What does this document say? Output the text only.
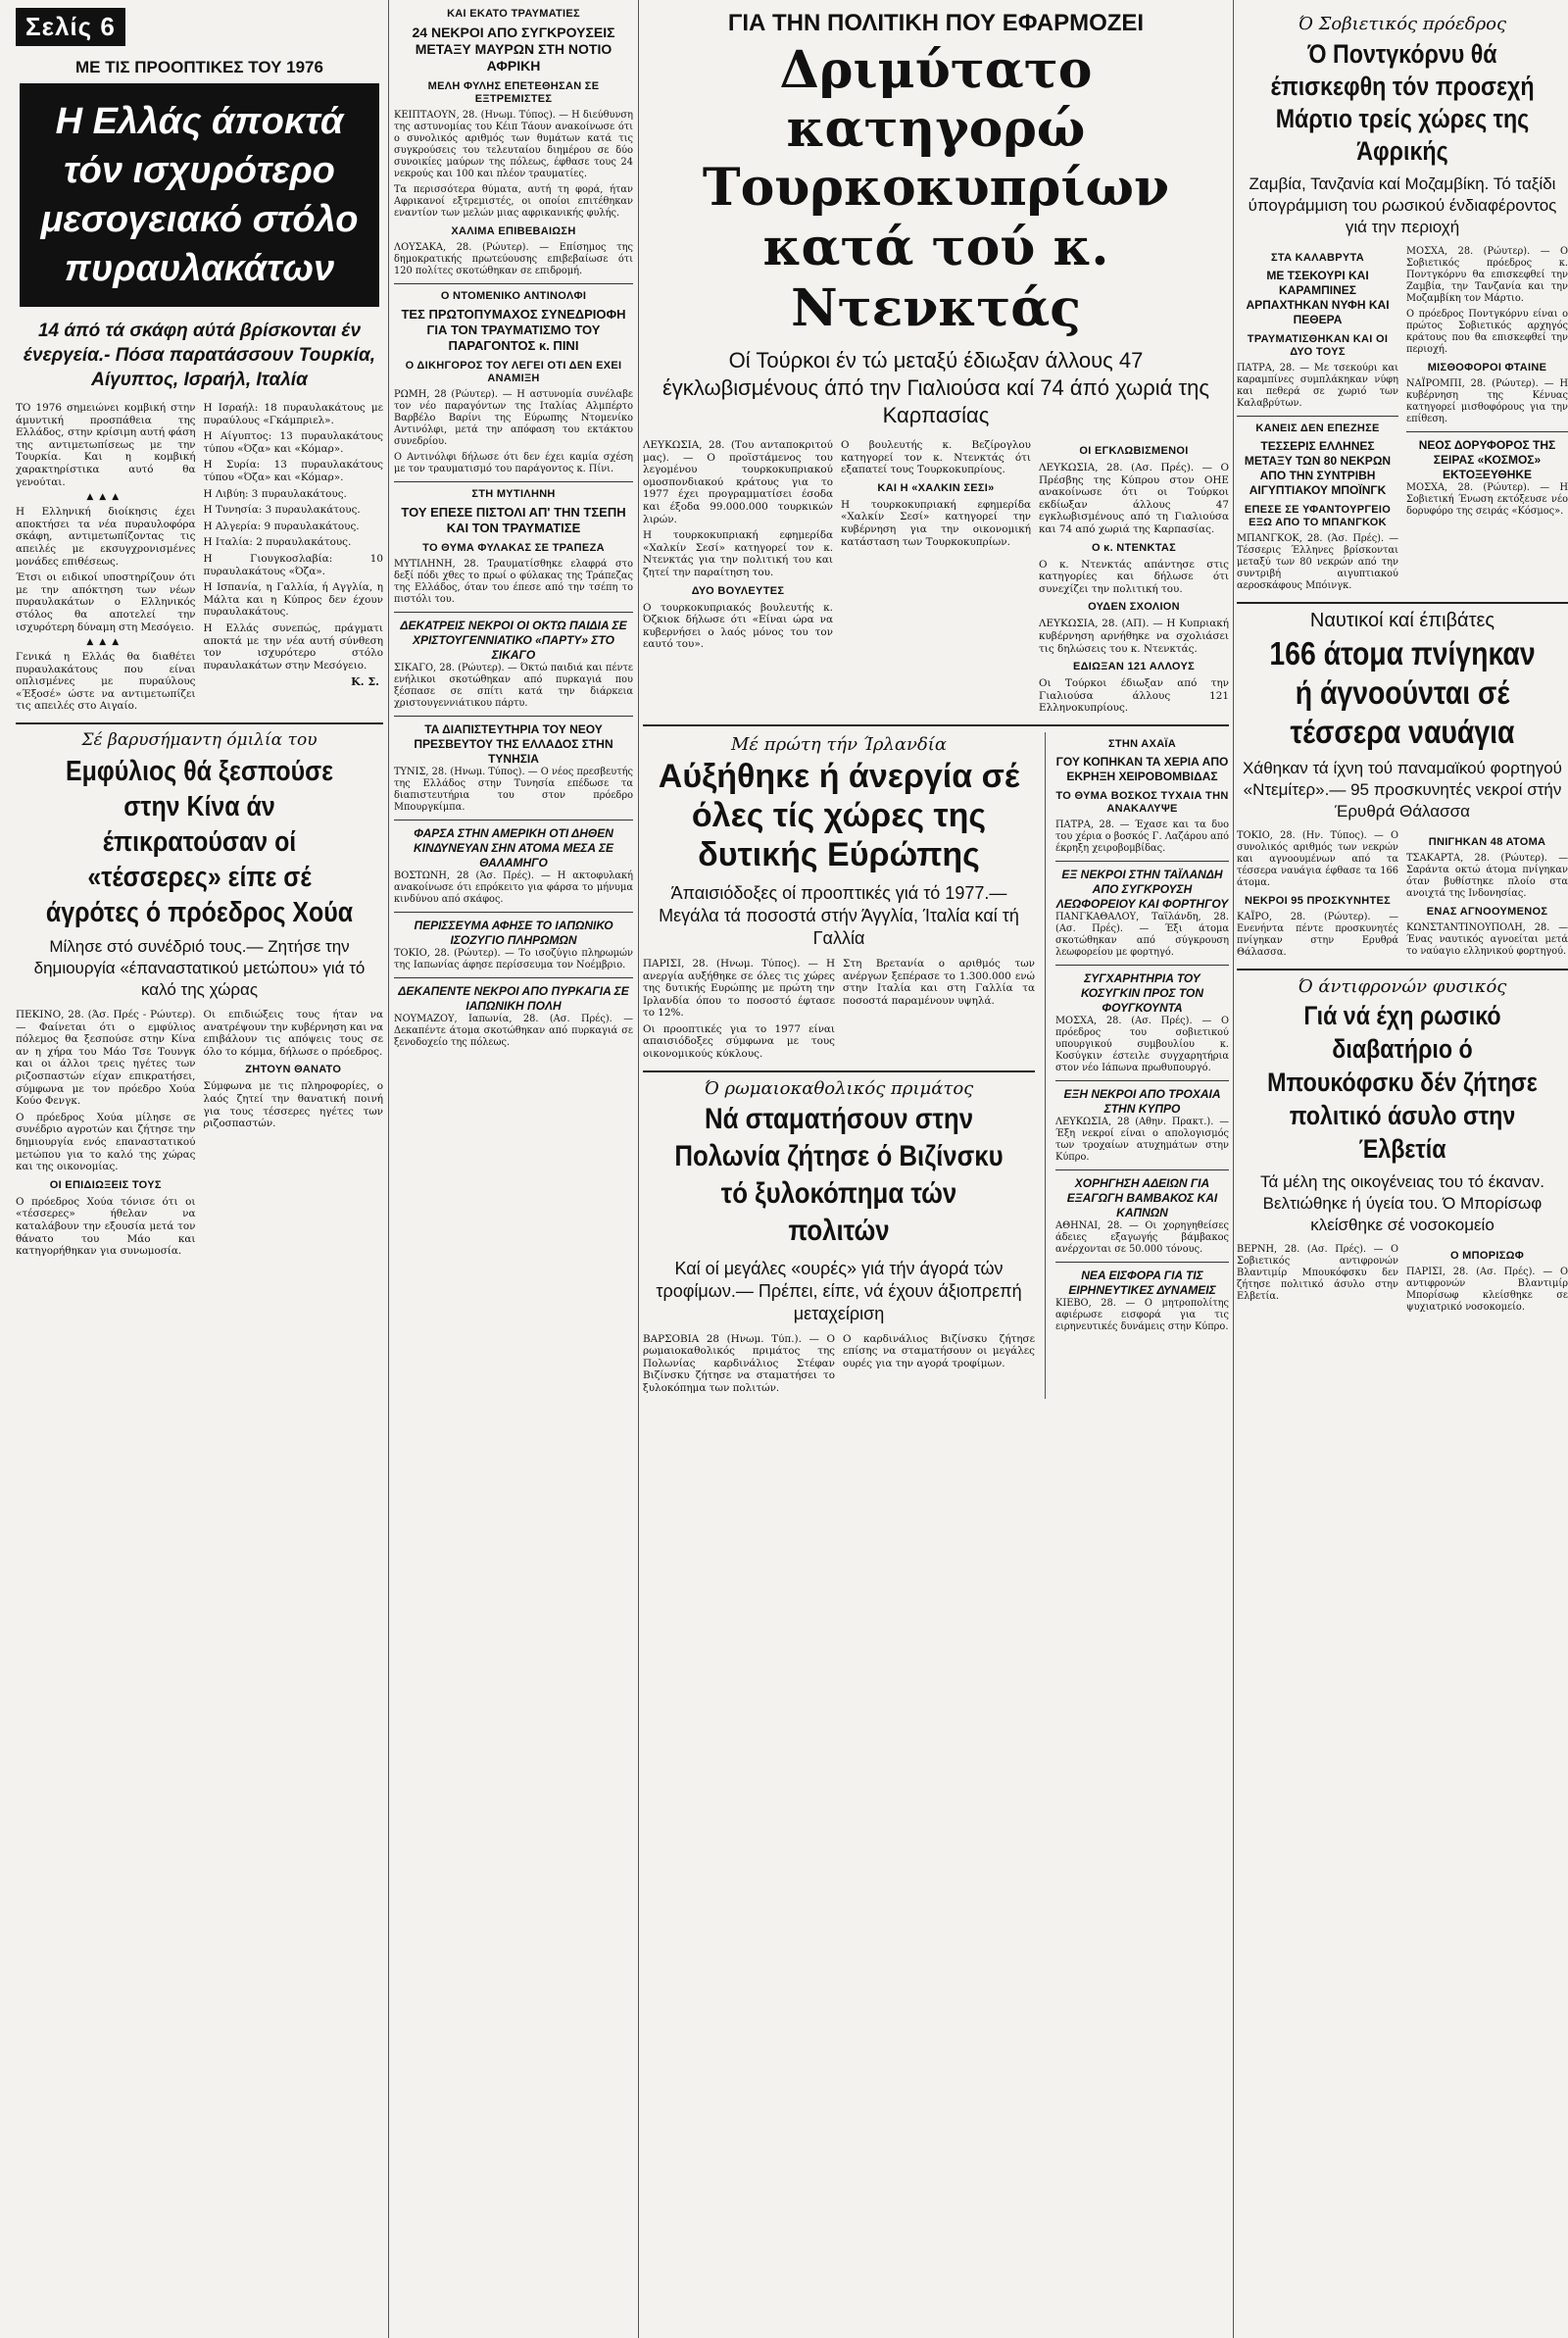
Σελίς 6
ΜΕ ΤΙΣ ΠΡΟΟΠΤΙΚΕΣ ΤΟΥ 1976
Η Ελλάς άποκτά τόν ισχυρότερο μεσογειακό στόλο πυραυλακάτων
14 άπό τά σκάφη αύτά βρίσκονται έν ένεργεία.- Πόσα παρατάσσουν Τουρκία, Αίγυπτος, Ισραήλ, Ιταλία

ΤΟ 1976 σημειώνει κομβική στην άμυντική προσπάθεια της Ελλάδος, στην κρίσιμη αυτή φάση της αντιμετωπίσεως με την Τουρκία. Και η κομβική χαρακτηρίστικα αυτό θα γενούται.

▲▲▲

Η Ελληνική διοίκησις έχει αποκτήσει τα νέα πυραυλοφόρα σκάφη, αντιμετωπίζοντας τις απειλές με εκσυγχρονισμένες μονάδες επιθέσεως.

Έτσι οι ειδικοί υποστηρίζουν ότι με την απόκτηση των νέων πυραυλακάτων ο Ελληνικός στόλος θα αποτελεί την ισχυρότερη δύναμη στη Μεσόγειο.

▲▲▲

Γενικά η Ελλάς θα διαθέτει πυραυλακάτους που είναι οπλισμένες με πυραύλους «Έξοσέ» ώστε να αντιμετωπίζει τις απειλές στο Αιγαίο.

Η Ισραήλ: 18 πυραυλακάτους με πυραύλους «Γκάμπριελ».

Η Αίγυπτος: 13 πυραυλακάτους τύπου «Όζα» και «Κόμαρ».

Η Συρία: 13 πυραυλακάτους τύπου «Όζα» και «Κόμαρ».

Η Λιβύη: 3 πυραυλακάτους.

Η Τυνησία: 3 πυραυλακάτους.

Η Αλγερία: 9 πυραυλακάτους.

Η Ιταλία: 2 πυραυλακάτους.

Η Γιουγκοσλαβία: 10 πυραυλακάτους «Όζα».

Η Ισπανία, η Γαλλία, ή Αγγλία, η Μάλτα και η Κύπρος δεν έχουν πυραυλακάτους.

Η Ελλάς συνεπώς, πράγματι αποκτά με την νέα αυτή σύνθεση τον ισχυρότερο στόλο πυραυλακάτων στην Μεσόγειο.

Κ. Σ.
Σέ βαρυσήμαντη όμιλία του
Εμφύλιος θά ξεσπούσε στην Κίνα άν έπικρατούσαν οί «τέσσερες» είπε σέ άγρότες ό πρόεδρος Χούα
Μίλησε στό συνέδριό τους.— Ζητήσε την δημιουργία «έπαναστατικού μετώπου» γιά τό καλό της χώρας

ΠΕΚΙΝΟ, 28. (Άσ. Πρές - Ρώυτερ). — Φαίνεται ότι ο εμφύλιος πόλεμος θα ξεσπούσε στην Κίνα αν η χήρα του Μάο Τσε Τουνγκ και οι άλλοι τρεις ηγέτες των ριζοσπαστών είχαν επικρατήσει, σύμφωνα με τον πρόεδρο Χούα Κούο Φενγκ.

Ο πρόεδρος Χούα μίλησε σε συνέδριο αγροτών και ζήτησε την δημιουργία ενός επαναστατικού μετώπου για το καλό της χώρας και της οικονομίας.

ΟΙ ΕΠΙΔΙΩΞΕΙΣ ΤΟΥΣ

Ο πρόεδρος Χούα τόνισε ότι οι «τέσσερες» ήθελαν να καταλάβουν την εξουσία μετά τον θάνατο του Μάο και κατηγορήθηκαν για συνωμοσία.

Οι επιδιώξεις τους ήταν να ανατρέψουν την κυβέρνηση και να επιβάλουν τις απόψεις τους σε όλο το κόμμα, δήλωσε ο πρόεδρος.

ΖΗΤΟΥΝ ΘΑΝΑΤΟ

Σύμφωνα με τις πληροφορίες, ο λαός ζητεί την θανατική ποινή για τους τέσσερες ηγέτες των ριζοσπαστών.

ΚΑΙ ΕΚΑΤΟ ΤΡΑΥΜΑΤΙΕΣ
24 ΝΕΚΡΟΙ ΑΠΟ ΣΥΓΚΡΟΥΣΕΙΣ ΜΕΤΑΞΥ ΜΑΥΡΩΝ ΣΤΗ ΝΟΤΙΟ ΑΦΡΙΚΗ
ΜΕΛΗ ΦΥΛΗΣ ΕΠΕΤΕΘΗΣΑΝ ΣΕ ΕΞΤΡΕΜΙΣΤΕΣ

ΚΕΙΠΤΑΟΥΝ, 28. (Ηνωμ. Τύπος). — Η διεύθυνση της αστυνομίας του Κέιπ Τάουν ανακοίνωσε ότι ο συνολικός αριθμός των θυμάτων κατά τις συγκρούσεις του τελευταίου διημέρου σε δύο συνοικίες μαύρων της πόλεως, έφθασε τους 24 νεκρούς και 100 και πλέον τραυματίες.

Τα περισσότερα θύματα, αυτή τη φορά, ήταν Αφρικανοί εξτρεμιστές, οι οποίοι επιτέθηκαν εναντίον των μελών μιας αφρικανικής φυλής.

ΧΑΛΙΜΑ ΕΠΙΒΕΒΑΙΩΣΗ

ΛΟΥΣΑΚΑ, 28. (Ρώυτερ). — Επίσημος της δημοκρατικής πρωτεύουσης επιβεβαίωσε ότι 120 πολίτες σκοτώθηκαν σε επιδρομή.

Ο ΝΤΟΜΕΝΙΚΟ ΑΝΤΙΝΟΛΦΙ
ΤΕΣ ΠΡΩΤΟΠΥΜΑΧΟΣ ΣΥΝΕΔΡΙΟΦΗ ΓΙΑ ΤΟΝ ΤΡΑΥΜΑΤΙΣΜΟ ΤΟΥ ΠΑΡΑΓΟΝΤΟΣ κ. ΠΙΝΙ
Ο ΔΙΚΗΓΟΡΟΣ ΤΟΥ ΛΕΓΕΙ ΟΤΙ ΔΕΝ ΕΧΕΙ ΑΝΑΜΙΞΗ

ΡΩΜΗ, 28 (Ρώυτερ). — Η αστυνομία συνέλαβε τον νέο παραγόντων της Ιταλίας Αλμπέρτο Βαρβέλο Βαρίνι της Εύρωπης Ντομενίκο Αντινόλφι, μετά την απόφαση του εκτάκτου συνεδρίου.

Ο Αντινόλφι δήλωσε ότι δεν έχει καμία σχέση με τον τραυματισμό του παράγοντος κ. Πίνι.

ΣΤΗ ΜΥΤΙΛΗΝΗ
ΤΟΥ ΕΠΕΣΕ ΠΙΣΤΟΛΙ ΑΠ' ΤΗΝ ΤΣΕΠΗ ΚΑΙ ΤΟΝ ΤΡΑΥΜΑΤΙΣΕ
ΤΟ ΘΥΜΑ ΦΥΛΑΚΑΣ ΣΕ ΤΡΑΠΕΖΑ

ΜΥΤΙΛΗΝΗ, 28. Τραυματίσθηκε ελαφρά στο δεξί πόδι χθες το πρωί ο φύλακας της Τράπεζας της Ελλάδος, όταν του έπεσε από την τσέπη το πιστόλι του.

ΔΕΚΑΤΡΕΙΣ ΝΕΚΡΟΙ ΟΙ ΟΚΤΩ ΠΑΙΔΙΑ ΣΕ ΧΡΙΣΤΟΥΓΕΝΝΙΑΤΙΚΟ «ΠΑΡΤΥ» ΣΤΟ ΣΙΚΑΓΟ

ΣΙΚΑΓΟ, 28. (Ρώυτερ). — Όκτώ παιδιά και πέντε ενήλικοι σκοτώθηκαν από πυρκαγιά που ξέσπασε σε σπίτι κατά την διάρκεια χριστουγεννιάτικου πάρτυ.

ΤΑ ΔΙΑΠΙΣΤΕΥΤΗΡΙΑ ΤΟΥ ΝΕΟΥ ΠΡΕΣΒΕΥΤΟΥ ΤΗΣ ΕΛΛΑΔΟΣ ΣΤΗΝ ΤΥΝΗΣΙΑ

ΤΥΝΙΣ, 28. (Ηνωμ. Τύπος). — Ο νέος πρεσβευτής της Ελλάδος στην Τυνησία επέδωσε τα διαπιστευτήρια του στον πρόεδρο Μπουργκίμπα.

ΦΑΡΣΑ ΣΤΗΝ ΑΜΕΡΙΚΗ ΟΤΙ ΔΗΘΕΝ ΚΙΝΔΥΝΕΥΑΝ ΣΗΝ ΑΤΟΜΑ ΜΕΣΑ ΣΕ ΘΑΛΑΜΗΓΟ

ΒΟΣΤΩΝΗ, 28 (Άσ. Πρές). — Η ακτοφυλακή ανακοίνωσε ότι επρόκειτο για φάρσα το μήνυμα κινδύνου από σκάφος.

ΠΕΡΙΣΣΕΥΜΑ ΑΦΗΣΕ ΤΟ ΙΑΠΩΝΙΚΟ ΙΣΟΖΥΓΙΟ ΠΛΗΡΩΜΩΝ

ΤΟΚΙΟ, 28. (Ρώυτερ). — Το ισοζύγιο πληρωμών της Ιαπωνίας άφησε περίσσευμα τον Νοέμβριο.

ΔΕΚΑΠΕΝΤΕ ΝΕΚΡΟΙ ΑΠΟ ΠΥΡΚΑΓΙΑ ΣΕ ΙΑΠΩΝΙΚΗ ΠΟΛΗ

ΝΟΥΜΑΖΟΥ, Ιαπωνία, 28. (Ασ. Πρές). — Δεκαπέντε άτομα σκοτώθηκαν από πυρκαγιά σε ξενοδοχείο της πόλεως.

ΓΙΑ ΤΗΝ ΠΟΛΙΤΙΚΗ ΠΟΥ ΕΦΑΡΜΟΖΕΙ
Δριμύτατο κατηγορώ
Τουρκοκυπρίων
κατά τού κ. Ντενκτάς
Οί Τούρκοι έν τώ μεταξύ έδιωξαν άλλους 47 έγκλωβισμένους άπό την Γιαλιούσα καί 74 άπό χωριά της Καρπασίας

ΛΕΥΚΩΣΙΑ, 28. (Του ανταποκριτού μας). — Ο προϊστάμενος του λεγομένου τουρκοκυπριακού ομοσπονδιακού κράτους για το 1977 έχει προγραμματίσει έσοδα και έξοδα 99.000.000 τουρκικών λιρών.

Η τουρκοκυπριακή εφημερίδα «Χαλκίν Σεσί» κατηγορεί τον κ. Ντενκτάς για την πολιτική του και ζητεί την παραίτηση του.

ΔΥΟ ΒΟΥΛΕΥΤΕΣ

Ο τουρκοκυπριακός βουλευτής κ. Όζκιοκ δήλωσε ότι «Είναι ώρα να κυβερνήσει ο λαός μόνος του τον εαυτό του».

Ο βουλευτής κ. Βεζίρογλου κατηγορεί τον κ. Ντενκτάς ότι εξαπατεί τους Τουρκοκυπρίους.

ΚΑΙ Η «ΧΑΛΚΙΝ ΣΕΣΙ»

Η τουρκοκυπριακή εφημερίδα «Χαλκίν Σεσί» κατηγορεί την κυβέρνηση για την οικονομική κατάσταση των Τουρκοκυπρίων.

ΟΙ ΕΓΚΛΩΒΙΣΜΕΝΟΙ

ΛΕΥΚΩΣΙΑ, 28. (Ασ. Πρές). — Ο Πρέσβης της Κύπρου στον ΟΗΕ ανακοίνωσε ότι οι Τούρκοι εκδίωξαν άλλους 47 εγκλωβισμένους από τη Γιαλιούσα και 74 από χωριά της Καρπασίας.

Ο κ. ΝΤΕΝΚΤΑΣ

Ο κ. Ντενκτάς απάντησε στις κατηγορίες και δήλωσε ότι συνεχίζει την πολιτική του.

ΟΥΔΕΝ ΣΧΟΛΙΟΝ

ΛΕΥΚΩΣΙΑ, 28. (ΑΠ). — Η Κυπριακή κυβέρνηση αρνήθηκε να σχολιάσει τις δηλώσεις του κ. Ντενκτάς.

ΕΔΙΩΞΑΝ 121 ΑΛΛΟΥΣ

Οι Τούρκοι έδιωξαν από την Γιαλιούσα άλλους 121 Ελληνοκυπρίους.

Μέ πρώτη τήν Ίρλανδία
Αύξήθηκε ή άνεργία σέ όλες τίς χώρες της δυτικής Εύρώπης
Άπαισιόδοξες οί προοπτικές γιά τό 1977.— Μεγάλα τά ποσοστά στήν Άγγλία, Ίταλία καί τή Γαλλία

ΠΑΡΙΣΙ, 28. (Ηνωμ. Τύπος). — Η ανεργία αυξήθηκε σε όλες τις χώρες της δυτικής Ευρώπης με πρώτη την Ιρλανδία όπου το ποσοστό έφτασε το 12%.

Οι προοπτικές για το 1977 είναι απαισιόδοξες σύμφωνα με τους οικονομικούς κύκλους.

Στη Βρετανία ο αριθμός των ανέργων ξεπέρασε το 1.300.000 ενώ στην Ιταλία και στη Γαλλία τα ποσοστά παραμένουν υψηλά.

Ό ρωμαιοκαθολικός πριμάτος
Νά σταματήσουν στην Πολωνία ζήτησε ό Βιζίνσκυ τό ξυλοκόπημα τών πολιτών
Καί οί μεγάλες «ουρές» γιά τήν άγορά τών τροφίμων.— Πρέπει, είπε, νά έχουν άξιοπρεπή μεταχείριση

ΒΑΡΣΟΒΙΑ 28 (Ηνωμ. Τύπ.). — Ο ρωμαιοκαθολικός πριμάτος της Πολωνίας καρδινάλιος Στέφαν Βιζίνσκυ ζήτησε να σταματήσει το ξυλοκόπημα των πολιτών.

Ο καρδινάλιος Βιζίνσκυ ζήτησε επίσης να σταματήσουν οι μεγάλες ουρές για την αγορά τροφίμων.

ΣΤΗΝ ΑΧΑΪΑ
ΓΟΥ ΚΟΠΗΚΑΝ ΤΑ ΧΕΡΙΑ ΑΠΟ ΕΚΡΗΞΗ ΧΕΙΡΟΒΟΜΒΙΔΑΣ
ΤΟ ΘΥΜΑ ΒΟΣΚΟΣ ΤΥΧΑΙΑ ΤΗΝ ΑΝΑΚΑΛΥΨΕ

ΠΑΤΡΑ, 28. — Έχασε και τα δυο του χέρια ο βοσκός Γ. Λαζάρου από έκρηξη χειροβομβίδας.

ΕΞ ΝΕΚΡΟΙ ΣΤΗΝ ΤΑΪΛΑΝΔΗ ΑΠΟ ΣΥΓΚΡΟΥΣΗ ΛΕΩΦΟΡΕΙΟΥ ΚΑΙ ΦΟΡΤΗΓΟΥ

ΠΑΝΓΚΑΘΑΛΟΥ, Ταϊλάνδη, 28. (Ασ. Πρές). — Έξι άτομα σκοτώθηκαν από σύγκρουση λεωφορείου με φορτηγό.

ΣΥΓΧΑΡΗΤΗΡΙΑ ΤΟΥ ΚΟΣΥΓΚΙΝ ΠΡΟΣ ΤΟΝ ΦΟΥΓΚΟΥΝΤΑ

ΜΟΣΧΑ, 28. (Ασ. Πρές). — Ο πρόεδρος του σοβιετικού υπουργικού συμβουλίου κ. Κοσύγκιν έστειλε συγχαρητήρια στον νέο Ιάπωνα πρωθυπουργό.

ΕΞΗ ΝΕΚΡΟΙ ΑΠΟ ΤΡΟΧΑΙΑ ΣΤΗΝ ΚΥΠΡΟ

ΛΕΥΚΩΣΙΑ, 28 (Αθην. Πρακτ.). — Έξη νεκροί είναι ο απολογισμός των τροχαίων ατυχημάτων στην Κύπρο.

ΧΟΡΗΓΗΣΗ ΑΔΕΙΩΝ ΓΙΑ ΕΞΑΓΩΓΗ ΒΑΜΒΑΚΟΣ ΚΑΙ ΚΑΠΝΩΝ

ΑΘΗΝΑΙ, 28. — Οι χορηγηθείσες άδειες εξαγωγής βάμβακος ανέρχονται σε 50.000 τόνους.

ΝΕΑ ΕΙΣΦΟΡΑ ΓΙΑ ΤΙΣ ΕΙΡΗΝΕΥΤΙΚΕΣ ΔΥΝΑΜΕΙΣ

ΚΙΕΒΟ, 28. — Ο μητροπολίτης αφιέρωσε εισφορά για τις ειρηνευτικές δυνάμεις στην Κύπρο.

Ό Σοβιετικός πρόεδρος
Ό Ποντγκόρνυ θά έπισκεφθη τόν προσεχή Μάρτιο τρείς χώρες της Άφρικής
Ζαμβία, Τανζανία καί Μοζαμβίκη. Τό ταξίδι ύπογράμμιση του ρωσικού ένδιαφέροντος γιά την περιοχή
ΣΤΑ ΚΑΛΑΒΡΥΤΑ
ΜΕ ΤΣΕΚΟΥΡΙ ΚΑΙ ΚΑΡΑΜΠΙΝΕΣ ΑΡΠΑΧΤΗΚΑΝ ΝΥΦΗ ΚΑΙ ΠΕΘΕΡΑ
ΤΡΑΥΜΑΤΙΣΘΗΚΑΝ ΚΑΙ ΟΙ ΔΥΟ ΤΟΥΣ

ΠΑΤΡΑ, 28. — Με τσεκούρι και καραμπίνες συμπλάκηκαν νύφη και πεθερά σε χωριό των Καλαβρύτων.

ΚΑΝΕΙΣ ΔΕΝ ΕΠΕΖΗΣΕ
ΤΕΣΣΕΡΙΣ ΕΛΛΗΝΕΣ ΜΕΤΑΞΥ ΤΩΝ 80 ΝΕΚΡΩΝ ΑΠΟ ΤΗΝ ΣΥΝΤΡΙΒΗ ΑΙΓΥΠΤΙΑΚΟΥ ΜΠΟΪΝΓΚ
ΕΠΕΣΕ ΣΕ ΥΦΑΝΤΟΥΡΓΕΙΟ ΕΞΩ ΑΠΟ ΤΟ ΜΠΑΝΓΚΟΚ

ΜΠΑΝΓΚΟΚ, 28. (Άσ. Πρές). — Τέσσερις Έλληνες βρίσκονται μεταξύ των 80 νεκρών από την συντριβή αιγυπτιακού αεροσκάφους Μπόινγκ.

ΜΟΣΧΑ, 28. (Ρώυτερ). — Ο Σοβιετικός πρόεδρος κ. Ποντγκόρνυ θα επισκεφθεί την Ζαμβία, την Τανζανία και την Μοζαμβίκη τον Μάρτιο.

Ο πρόεδρος Ποντγκόρνυ είναι ο πρώτος Σοβιετικός αρχηγός κράτους που θα επισκεφθεί την περιοχή.

ΜΙΣΘΟΦΟΡΟΙ ΦΤΑΙΝΕ

ΝΑΪΡΟΜΠΙ, 28. (Ρώυτερ). — Η κυβέρνηση της Κένυας κατηγορεί μισθοφόρους για την επίθεση.

ΝΕΟΣ ΔΟΡΥΦΟΡΟΣ ΤΗΣ ΣΕΙΡΑΣ «ΚΟΣΜΟΣ» ΕΚΤΟΞΕΥΘΗΚΕ

ΜΟΣΧΑ, 28. (Ρώυτερ). — Η Σοβιετική Ένωση εκτόξευσε νέο δορυφόρο της σειράς «Κόσμος».

Ναυτικοί καί έπιβάτες
166 άτομα πνίγηκαν ή άγνοούνται σέ τέσσερα ναυάγια
Χάθηκαν τά ίχνη τού παναμαϊκού φορτηγού «Ντεμίτερ».— 95 προσκυνητές νεκροί στήν Έρυθρά Θάλασσα

ΤΟΚΙΟ, 28. (Ην. Τύπος). — Ο συνολικός αριθμός των νεκρών και αγνοουμένων από τα τέσσερα ναυάγια έφθασε τα 166 άτομα.

ΝΕΚΡΟΙ 95 ΠΡΟΣΚΥΝΗΤΕΣ

ΚΑΪΡΟ, 28. (Ρώυτερ). — Ενενήντα πέντε προσκυνητές πνίγηκαν στην Ερυθρά Θάλασσα.

ΠΝΙΓΗΚΑΝ 48 ΑΤΟΜΑ

ΤΣΑΚΑΡΤΑ, 28. (Ρώυτερ). — Σαράντα οκτώ άτομα πνίγηκαν όταν βυθίστηκε πλοίο στα ανοιχτά της Ινδονησίας.

ΕΝΑΣ ΑΓΝΟΟΥΜΕΝΟΣ

ΚΩΝΣΤΑΝΤΙΝΟΥΠΟΛΗ, 28. — Ένας ναυτικός αγνοείται μετά το ναύαγιο ελληνικού φορτηγού.

Ό άντιφρονών φυσικός
Γιά νά έχη ρωσικό διαβατήριο ό Μπουκόφσκυ δέν ζήτησε πολιτικό άσυλο στην Έλβετία
Τά μέλη της οικογένειας του τό έκαναν. Βελτιώθηκε ή ύγεία του. Ό Μπορίσωφ κλείσθηκε σέ νοσοκομείο

ΒΕΡΝΗ, 28. (Ασ. Πρές). — Ο Σοβιετικός αντιφρονών Βλαντιμίρ Μπουκόφσκυ δεν ζήτησε πολιτικό άσυλο στην Ελβετία.

Ο ΜΠΟΡΙΣΩΦ

ΠΑΡΙΣΙ, 28. (Ασ. Πρές). — Ο αντιφρονών Βλαντιμίρ Μπορίσωφ κλείσθηκε σε ψυχιατρικό νοσοκομείο.
